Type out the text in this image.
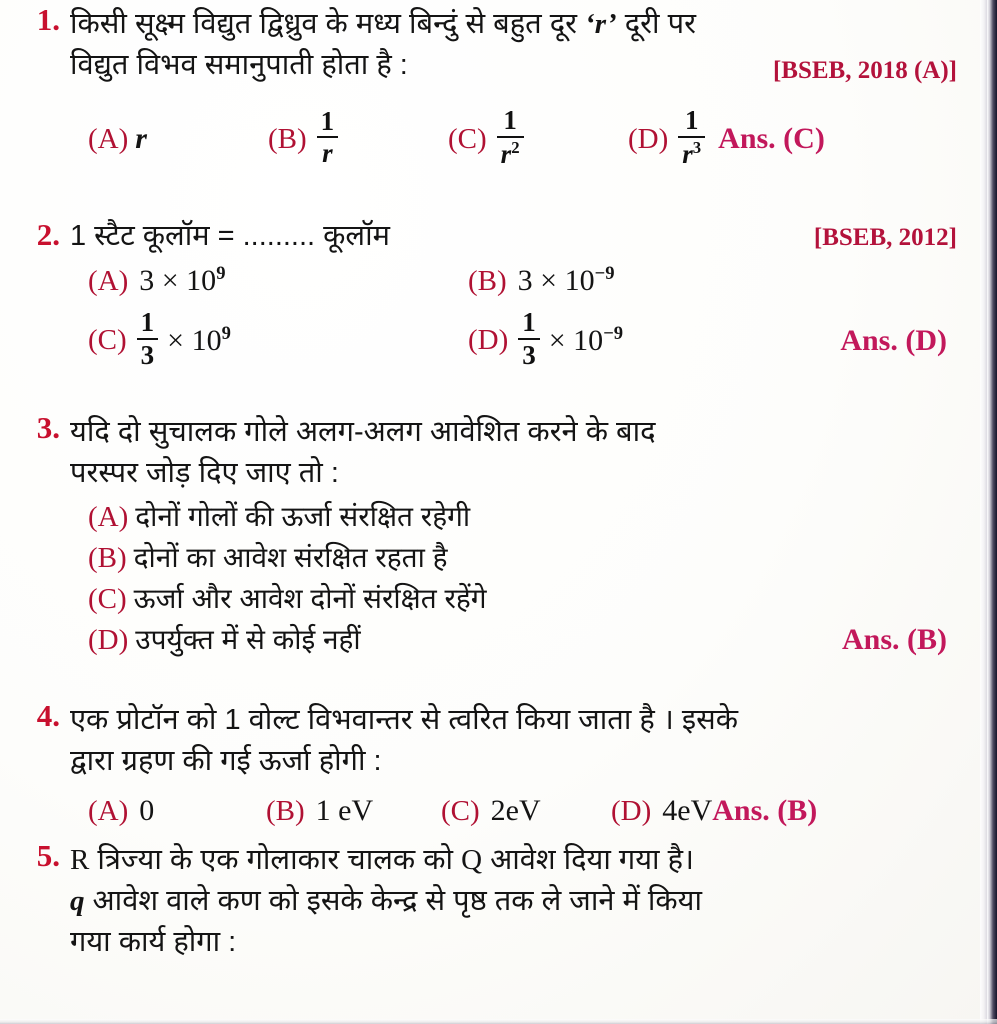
1. किसी सूक्ष्म विद्युत द्विध्रुव के मध्य बिन्दुं से बहुत दूर ‘r’ दूरी पर
विद्युत विभव समानुपाती होता है :	[BSEB, 2018 (A)]
(A) r	$(B) \frac{1}{r}$	$(C) \frac{1}{r^2}$	$(D) \frac{1}{r^3}$ Ans. (C)
2. 1 स्टैट कूलॉम = ......... कूलॉम	[BSEB, 2012]
(A) $3 \times 10^9$	(B) $3 \times 10^{-9}$
$(C) \frac{1}{3} \times 10^9$	$(D) \frac{1}{3} \times 10^{-9}$	Ans. (D)
3. यदि दो सुचालक गोले अलग-अलग आवेशित करने के बाद
परस्पर जोड़ दिए जाए तो :
(A) दोनों गोलों की ऊर्जा संरक्षित रहेगी
(B) दोनों का आवेश संरक्षित रहता है
(C) ऊर्जा और आवेश दोनों संरक्षित रहेंगे
(D) उपर्युक्त में से कोई नहीं	Ans. (B)
4. एक प्रोटॉन को 1 वोल्ट विभवान्तर से त्वरित किया जाता है । इसके
द्वारा ग्रहण की गई ऊर्जा होगी :
(A) 0	(B) 1 eV	(C) 2eV	(D) 4eV Ans. (B)
5. R त्रिज्या के एक गोलाकार चालक को Q आवेश दिया गया है।
q आवेश वाले कण को इसके केन्द्र से पृष्ठ तक ले जाने में किया
गया कार्य होगा :
